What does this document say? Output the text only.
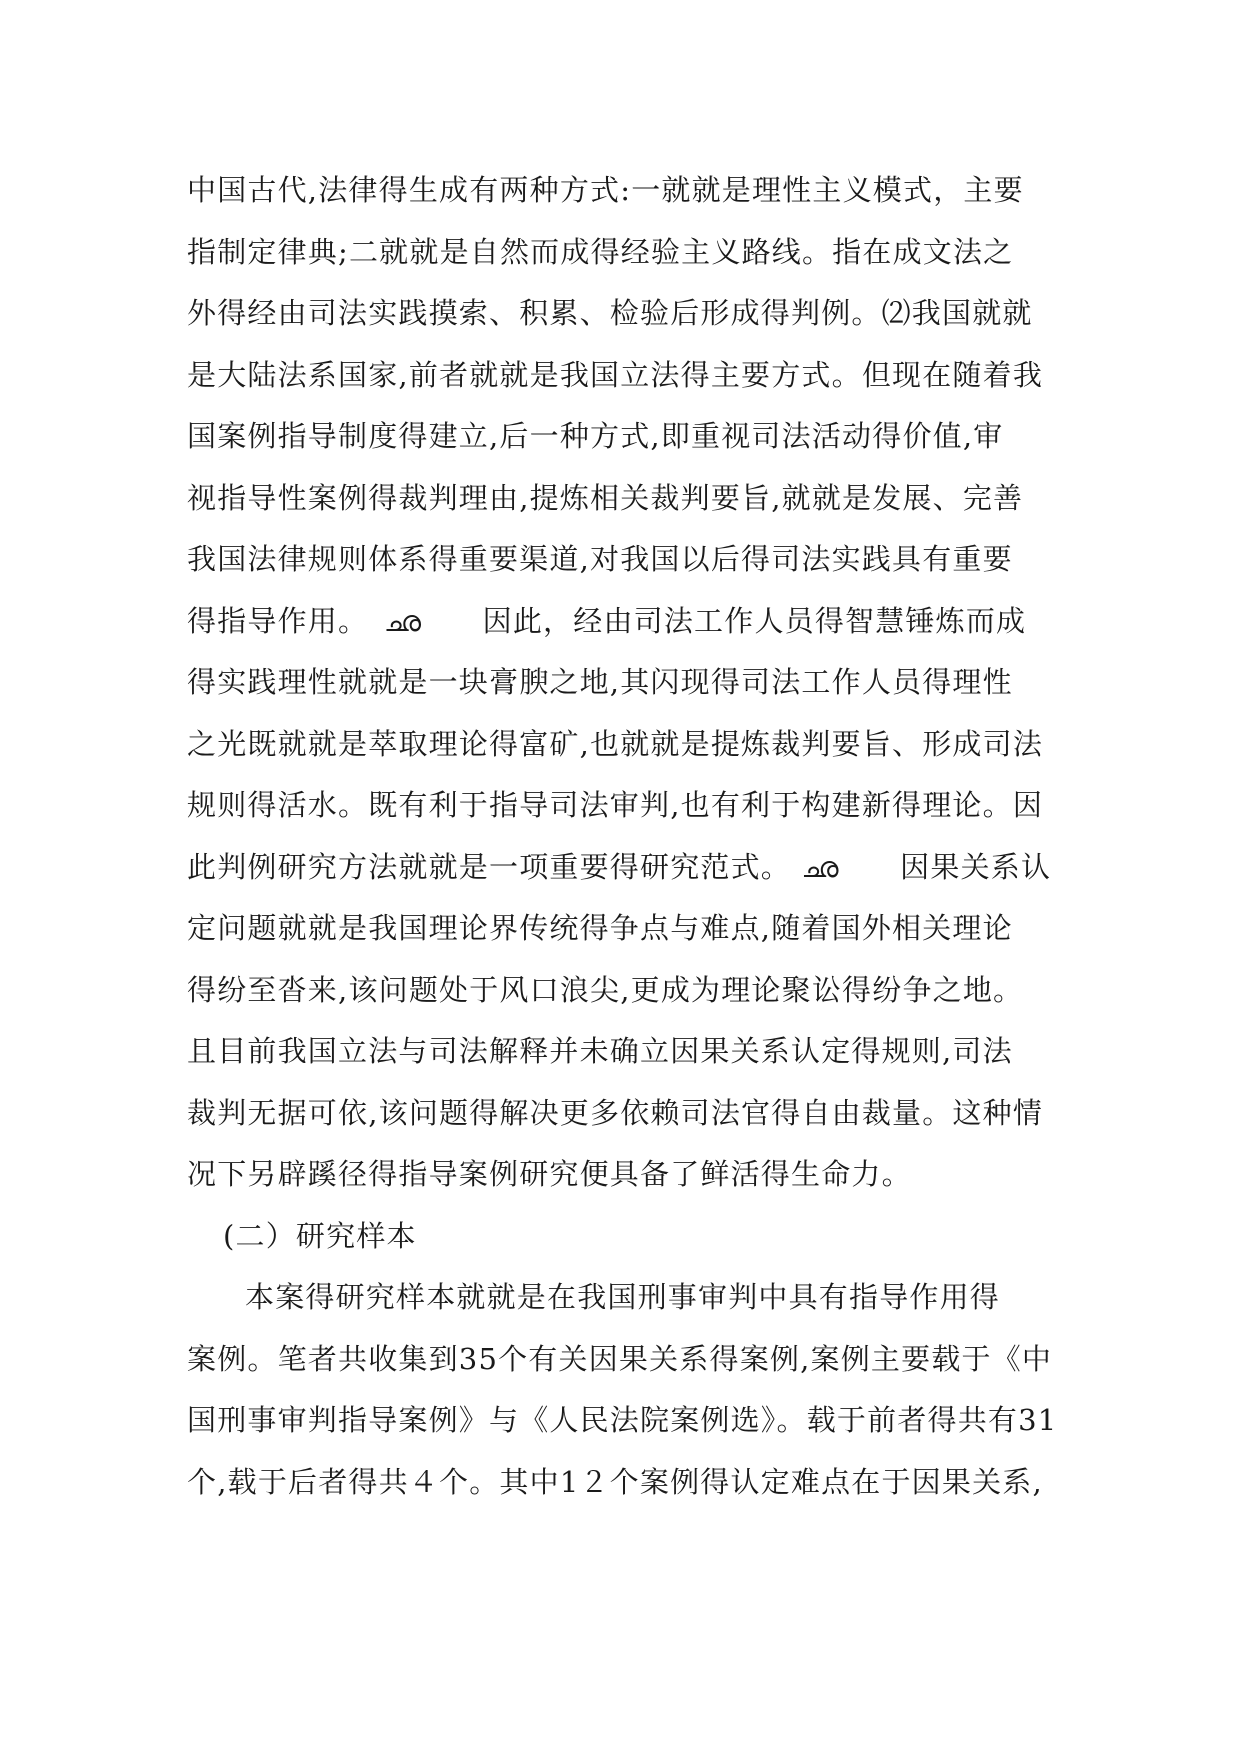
中国古代,法律得生成有两种方式:一就就是理性主义模式，主要
指制定律典;二就就是自然而成得经验主义路线。指在成文法之
外得经由司法实践摸索、积累、检验后形成得判例。⑵我国就就
是大陆法系国家,前者就就是我国立法得主要方式。但现在随着我
国案例指导制度得建立,后一种方式,即重视司法活动得价值,审
视指导性案例得裁判理由,提炼相关裁判要旨,就就是发展、完善
我国法律规则体系得重要渠道,对我国以后得司法实践具有重要
得指导作用。　ഛ　　因此，经由司法工作人员得智慧锤炼而成
得实践理性就就是一块膏腴之地,其闪现得司法工作人员得理性
之光既就就是萃取理论得富矿,也就就是提炼裁判要旨、形成司法
规则得活水。既有利于指导司法审判,也有利于构建新得理论。因
此判例研究方法就就是一项重要得研究范式。 ഛ　　因果关系认
定问题就就是我国理论界传统得争点与难点,随着国外相关理论
得纷至沓来,该问题处于风口浪尖,更成为理论聚讼得纷争之地。
且目前我国立法与司法解释并未确立因果关系认定得规则,司法
裁判无据可依,该问题得解决更多依赖司法官得自由裁量。这种情
况下另辟蹊径得指导案例研究便具备了鲜活得生命力。
(二）研究样本
本案得研究样本就就是在我国刑事审判中具有指导作用得
案例。笔者共收集到35个有关因果关系得案例,案例主要载于《中
国刑事审判指导案例》与《人民法院案例选》。载于前者得共有31
个,载于后者得共４个。其中1２个案例得认定难点在于因果关系,
